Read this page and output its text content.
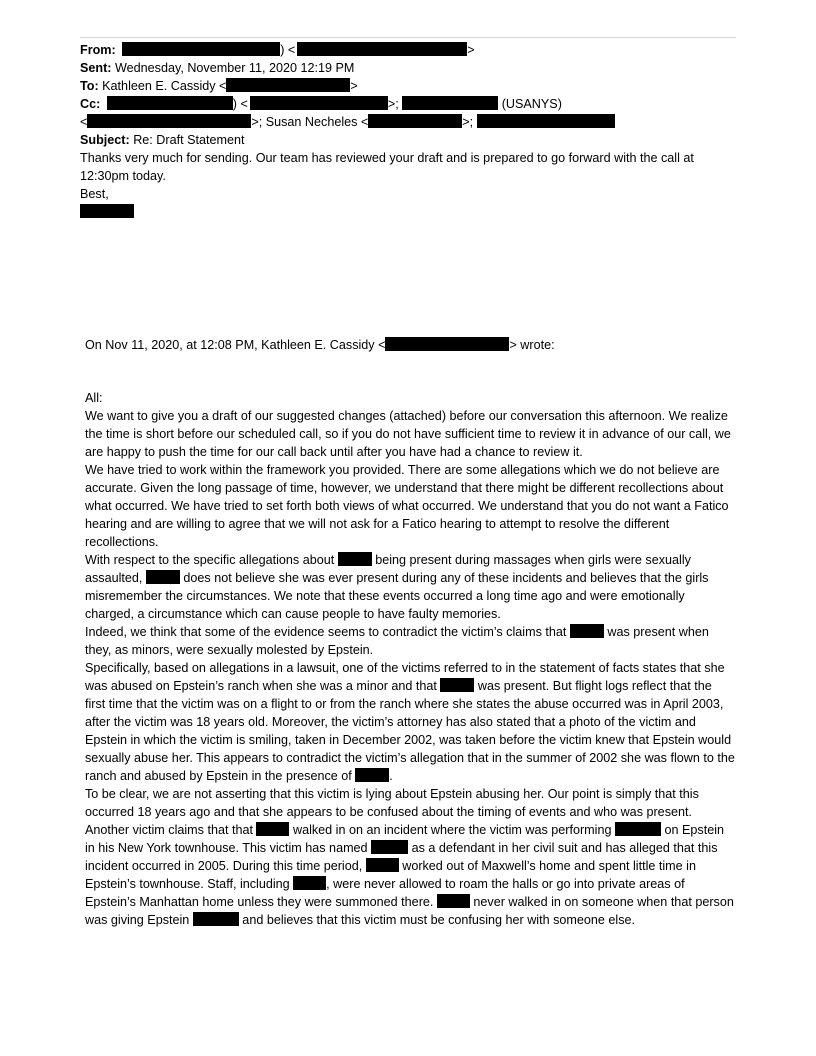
From:	) <	>
Sent: Wednesday, November 11, 2020 12:19 PM
To: Kathleen E. Cassidy <	>
Cc:	) <	>;	(USANYS)
<	>; Susan Necheles <	>;
Subject: Re: Draft Statement

Thanks very much for sending. Our team has reviewed your draft and is prepared to go forward with the call at 12:30pm today.

Best,

On Nov 11, 2020, at 12:08 PM, Kathleen E. Cassidy <	> wrote:

All:

We want to give you a draft of our suggested changes (attached) before our conversation this afternoon. We realize the time is short before our scheduled call, so if you do not have sufficient time to review it in advance of our call, we are happy to push the time for our call back until after you have had a chance to review it.

We have tried to work within the framework you provided. There are some allegations which we do not believe are accurate. Given the long passage of time, however, we understand that there might be different recollections about what occurred. We have tried to set forth both views of what occurred. We understand that you do not want a Fatico hearing and are willing to agree that we will not ask for a Fatico hearing to attempt to resolve the different recollections.

With respect to the specific allegations about	being present during massages when girls were sexually assaulted,	does not believe she was ever present during any of these incidents and believes that the girls misremember the circumstances. We note that these events occurred a long time ago and were emotionally charged, a circumstance which can cause people to have faulty memories.

Indeed, we think that some of the evidence seems to contradict the victim’s claims that	was present when they, as minors, were sexually molested by Epstein.

Specifically, based on allegations in a lawsuit, one of the victims referred to in the statement of facts states that she was abused on Epstein’s ranch when she was a minor and that	was present. But flight logs reflect that the first time that the victim was on a flight to or from the ranch where she states the abuse occurred was in April 2003, after the victim was 18 years old. Moreover, the victim’s attorney has also stated that a photo of the victim and Epstein in which the victim is smiling, taken in December 2002, was taken before the victim knew that Epstein would sexually abuse her. This appears to contradict the victim’s allegation that in the summer of 2002 she was flown to the ranch and abused by Epstein in the presence of	.

To be clear, we are not asserting that this victim is lying about Epstein abusing her. Our point is simply that this occurred 18 years ago and that she appears to be confused about the timing of events and who was present.

Another victim claims that that	walked in on an incident where the victim was performing	on Epstein in his New York townhouse. This victim has named	as a defendant in her civil suit and has alleged that this incident occurred in 2005. During this time period,	worked out of Maxwell’s home and spent little time in Epstein’s townhouse. Staff, including	, were never allowed to roam the halls or go into private areas of Epstein’s Manhattan home unless they were summoned there.	never walked in on someone when that person was giving Epstein	and believes that this victim must be confusing her with someone else.
